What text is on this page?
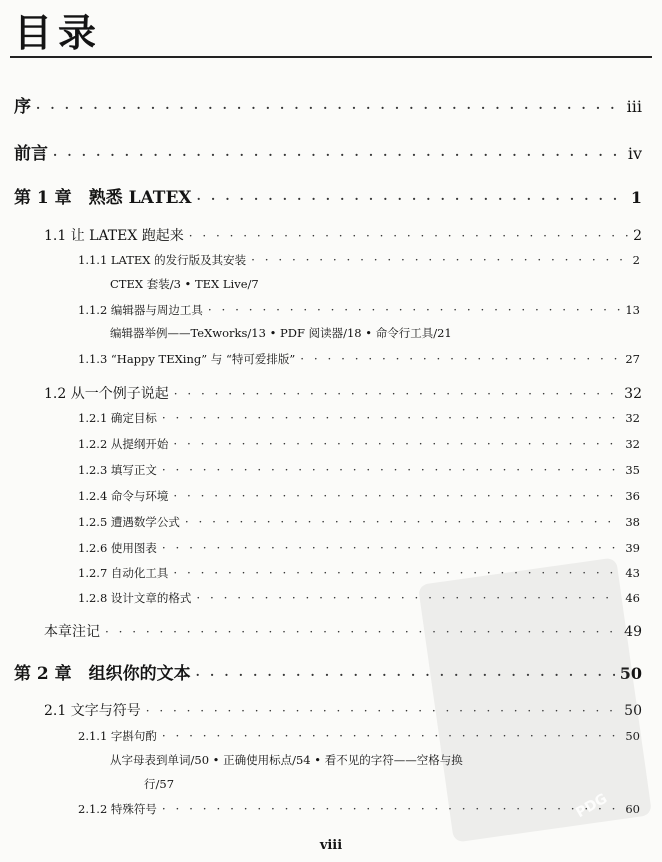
目录
序 · · ·	iii
前言 · · ·	iv
第 1 章　熟悉 LATEX · · ·	1
1.1 让 LATEX 跑起来 · · ·	2
1.1.1 LATEX 的发行版及其安装 · · ·	2
CTEX 套装/3 • TEX Live/7
1.1.2 编辑器与周边工具 · · ·	13
编辑器举例——TeXworks/13 • PDF 阅读器/18 • 命令行工具/21
1.1.3 “Happy TEXing” 与 “特可爱排版” · · ·	27
1.2 从一个例子说起 · · ·	32
1.2.1 确定目标 · · ·	32
1.2.2 从提纲开始 · · ·	32
1.2.3 填写正文 · · ·	35
1.2.4 命令与环境 · · ·	36
1.2.5 遭遇数学公式 · · ·	38
1.2.6 使用图表 · · ·	39
1.2.7 自动化工具 · · ·	43
1.2.8 设计文章的格式 · · ·	46
本章注记 · · ·	49
第 2 章　组织你的文本 · · ·	50
2.1 文字与符号 · · ·	50
2.1.1 字斟句酌 · · ·	50
从字母表到单词/50 • 正确使用标点/54 • 看不见的字符——空格与换
行/57
2.1.2 特殊符号 · · ·	60
PDG
viii
